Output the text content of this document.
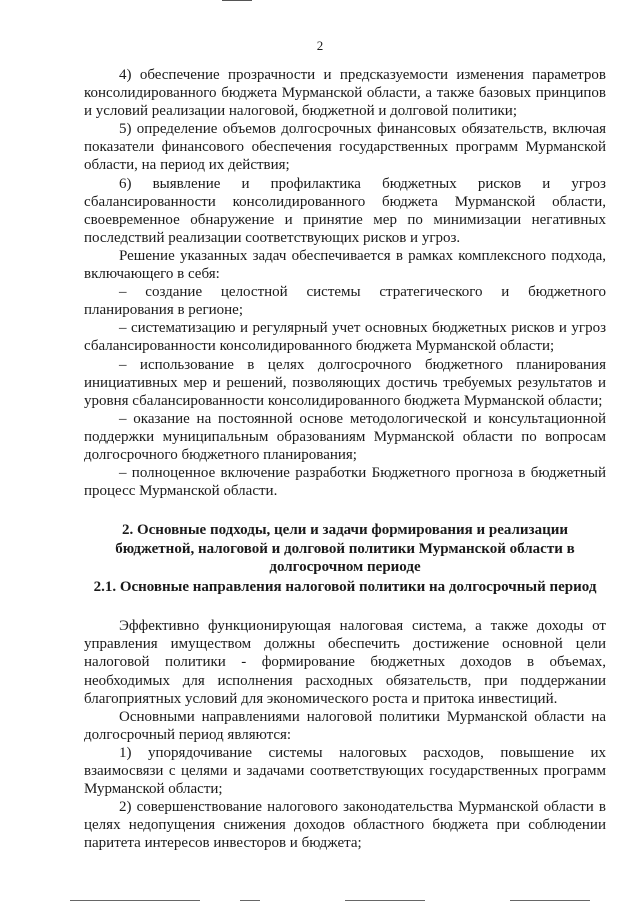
2

4) обеспечение прозрачности и предсказуемости изменения параметров консолидированного бюджета Мурманской области, а также базовых принципов и условий реализации налоговой, бюджетной и долговой политики;

5) определение объемов долгосрочных финансовых обязательств, включая показатели финансового обеспечения государственных программ Мурманской области, на период их действия;

6) выявление и профилактика бюджетных рисков и угроз сбалансированности консолидированного бюджета Мурманской области, своевременное обнаружение и принятие мер по минимизации негативных последствий реализации соответствующих рисков и угроз.

Решение указанных задач обеспечивается в рамках комплексного подхода, включающего в себя:

– создание целостной системы стратегического и бюджетного планирования в регионе;

– систематизацию и регулярный учет основных бюджетных рисков и угроз сбалансированности консолидированного бюджета Мурманской области;

– использование в целях долгосрочного бюджетного планирования инициативных мер и решений, позволяющих достичь требуемых результатов и уровня сбалансированности консолидированного бюджета Мурманской области;

– оказание на постоянной основе методологической и консультационной поддержки муниципальным образованиям Мурманской области по вопросам долгосрочного бюджетного планирования;

– полноценное включение разработки Бюджетного прогноза в бюджетный процесс Мурманской области.

2. Основные подходы, цели и задачи формирования и реализации бюджетной, налоговой и долговой политики Мурманской области в долгосрочном периоде

2.1. Основные направления налоговой политики на долгосрочный период

Эффективно функционирующая налоговая система, а также доходы от управления имуществом должны обеспечить достижение основной цели налоговой политики - формирование бюджетных доходов в объемах, необходимых для исполнения расходных обязательств, при поддержании благоприятных условий для экономического роста и притока инвестиций.

Основными направлениями налоговой политики Мурманской области на долгосрочный период являются:

1) упорядочивание системы налоговых расходов, повышение их взаимосвязи с целями и задачами соответствующих государственных программ Мурманской области;

2) совершенствование налогового законодательства Мурманской области в целях недопущения снижения доходов областного бюджета при соблюдении паритета интересов инвесторов и бюджета;
